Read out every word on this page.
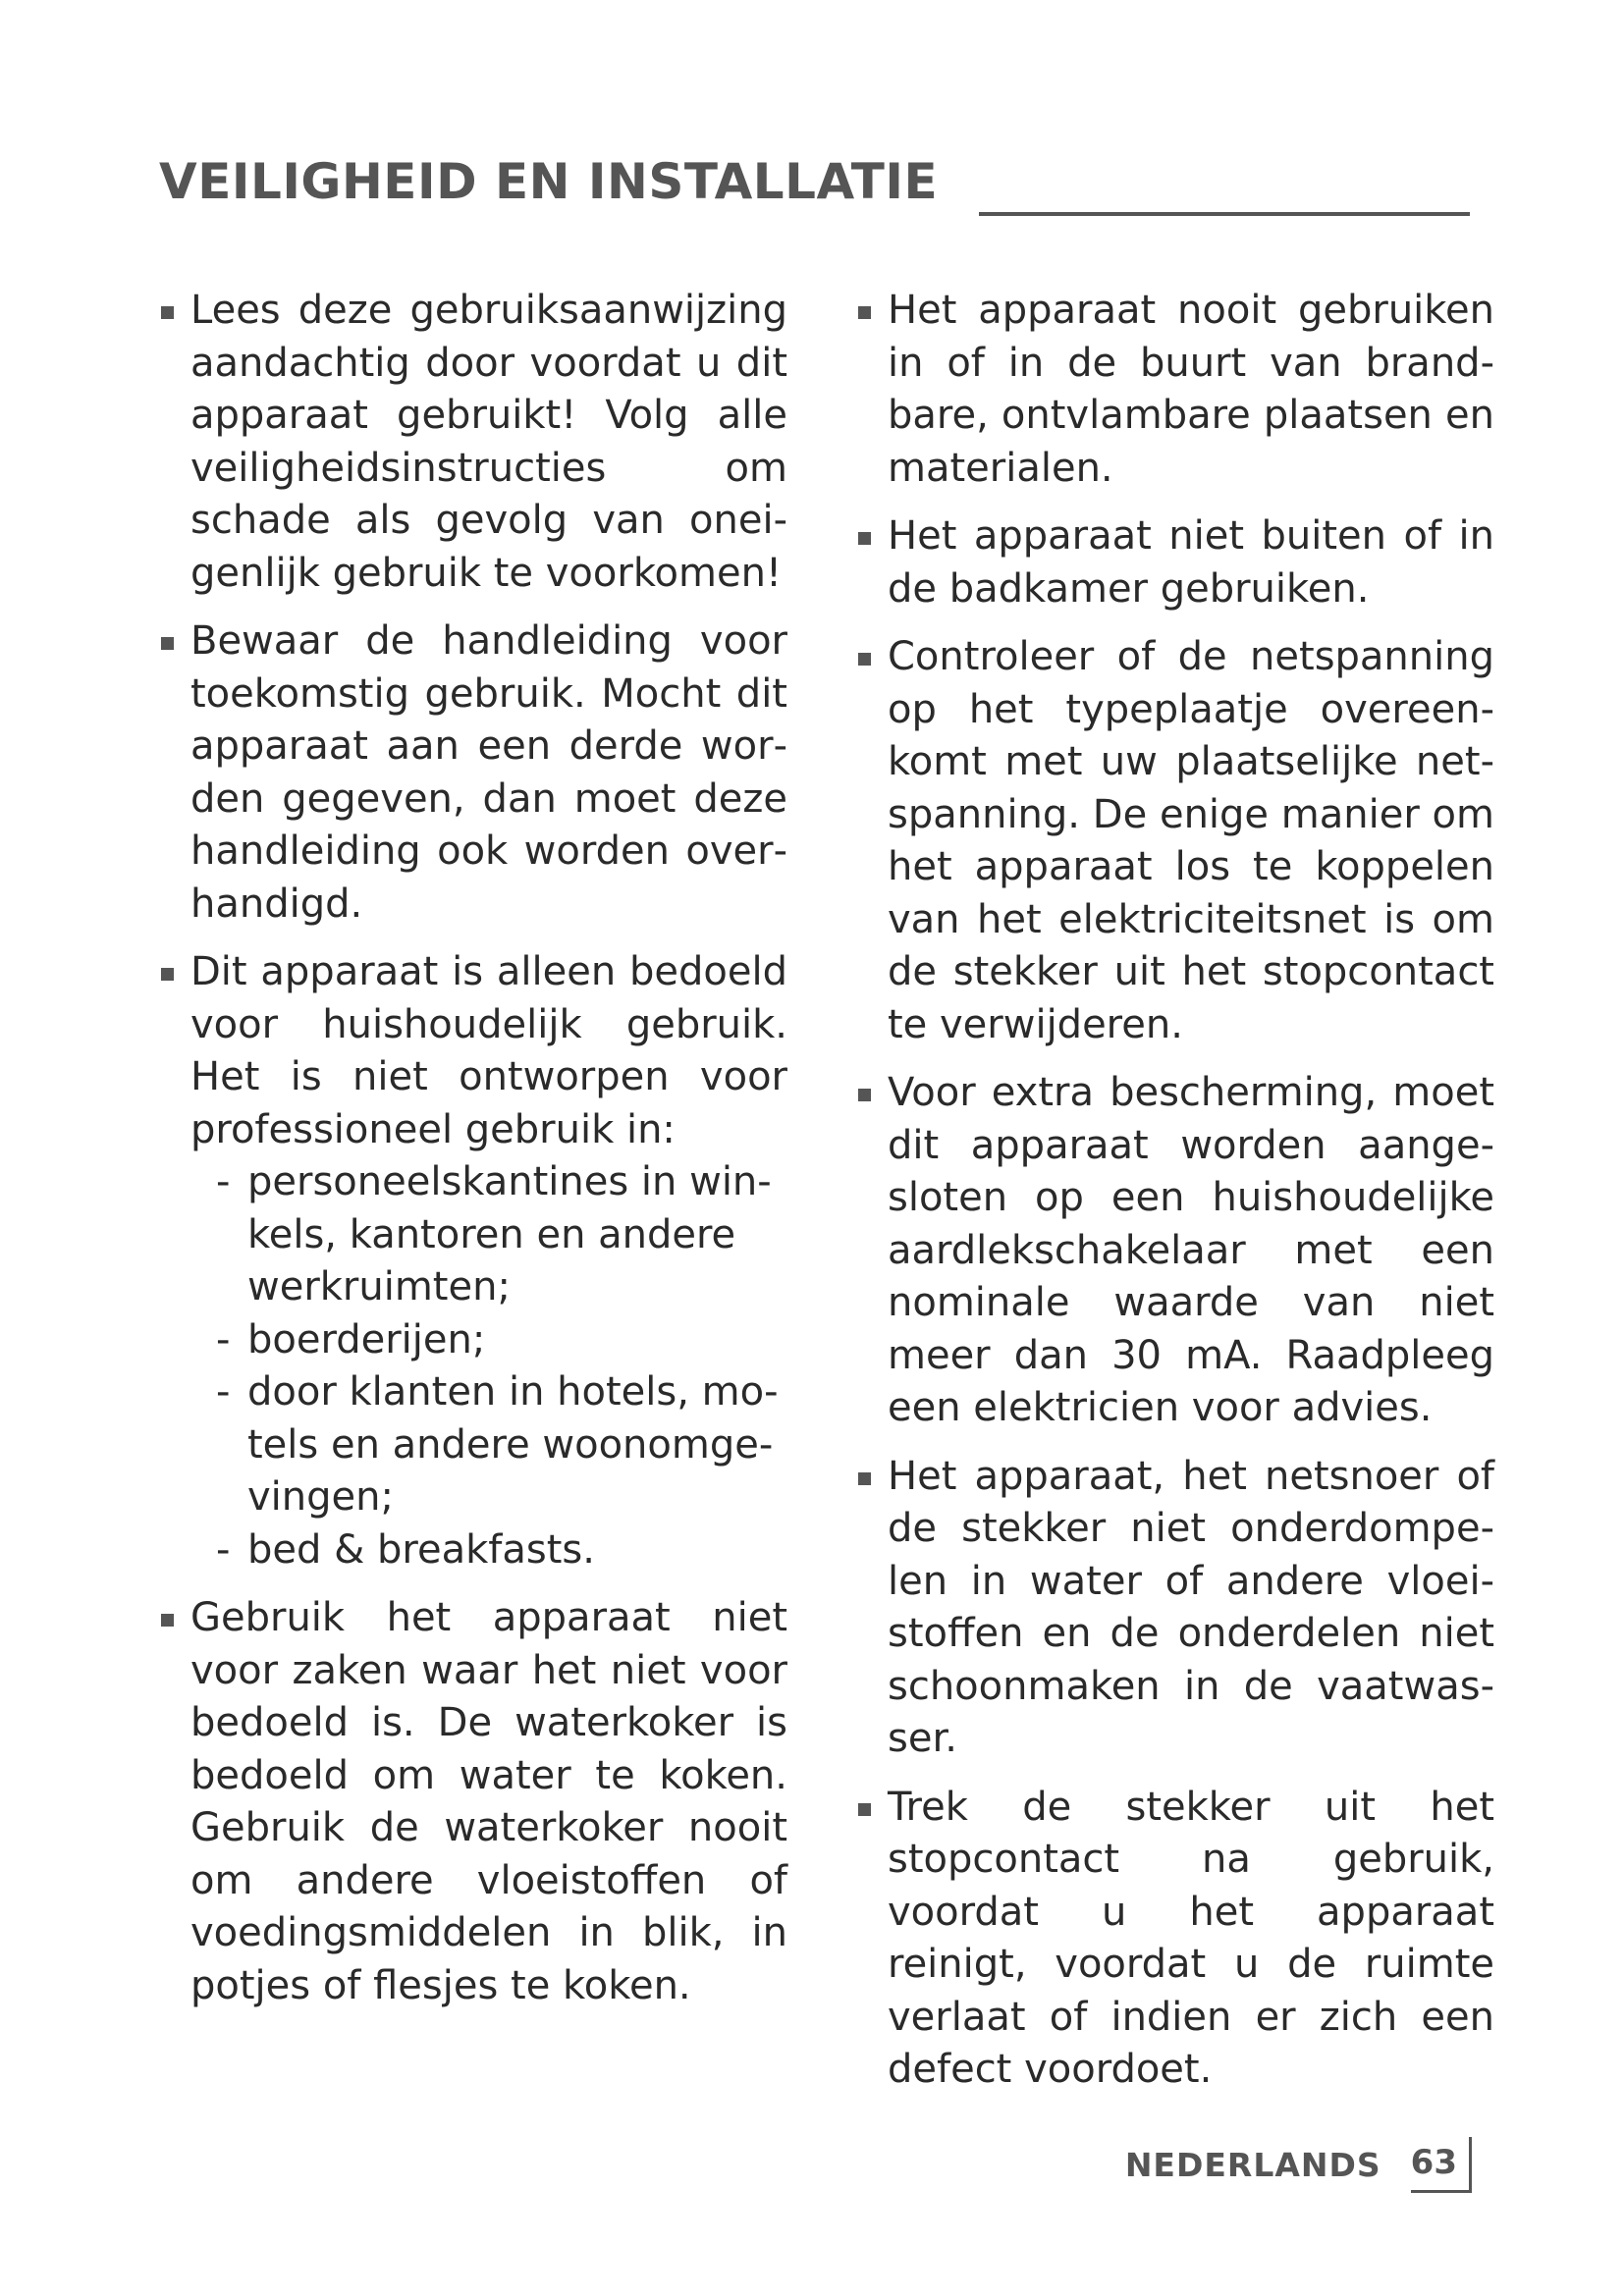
VEILIGHEID EN INSTALLATIE
Lees deze gebruiksaanwijzing aandachtig door voordat u dit apparaat gebruikt! Volg alle veiligheidsinstructies om schade als gevolg van oneigenlijk gebruik te voorkomen!
Bewaar de handleiding voor toekomstig gebruik. Mocht dit apparaat aan een derde worden gegeven, dan moet deze handleiding ook worden overhandigd.
Dit apparaat is alleen bedoeld voor huishoudelijk gebruik. Het is niet ontworpen voor professioneel gebruik in:
- personeelskantines in winkels, kantoren en andere werkruimten;
- boerderijen;
- door klanten in hotels, motels en andere woonomgevingen;
- bed & breakfasts.
Gebruik het apparaat niet voor zaken waar het niet voor bedoeld is. De waterkoker is bedoeld om water te koken. Gebruik de waterkoker nooit om andere vloeistoffen of voedingsmiddelen in blik, in potjes of flesjes te koken.
Het apparaat nooit gebruiken in of in de buurt van brandbare, ontvlambare plaatsen en materialen.
Het apparaat niet buiten of in de badkamer gebruiken.
Controleer of de netspanning op het typeplaatje overeenkomt met uw plaatselijke netspanning. De enige manier om het apparaat los te koppelen van het elektriciteitsnet is om de stekker uit het stopcontact te verwijderen.
Voor extra bescherming, moet dit apparaat worden aangesloten op een huishoudelijke aardlekschakelaar met een nominale waarde van niet meer dan 30 mA. Raadpleeg een elektricien voor advies.
Het apparaat, het netsnoer of de stekker niet onderdompelen in water of andere vloeistoffen en de onderdelen niet schoonmaken in de vaatwasser.
Trek de stekker uit het stopcontact na gebruik, voordat u het apparaat reinigt, voordat u de ruimte verlaat of indien er zich een defect voordoet.
NEDERLANDS 63
